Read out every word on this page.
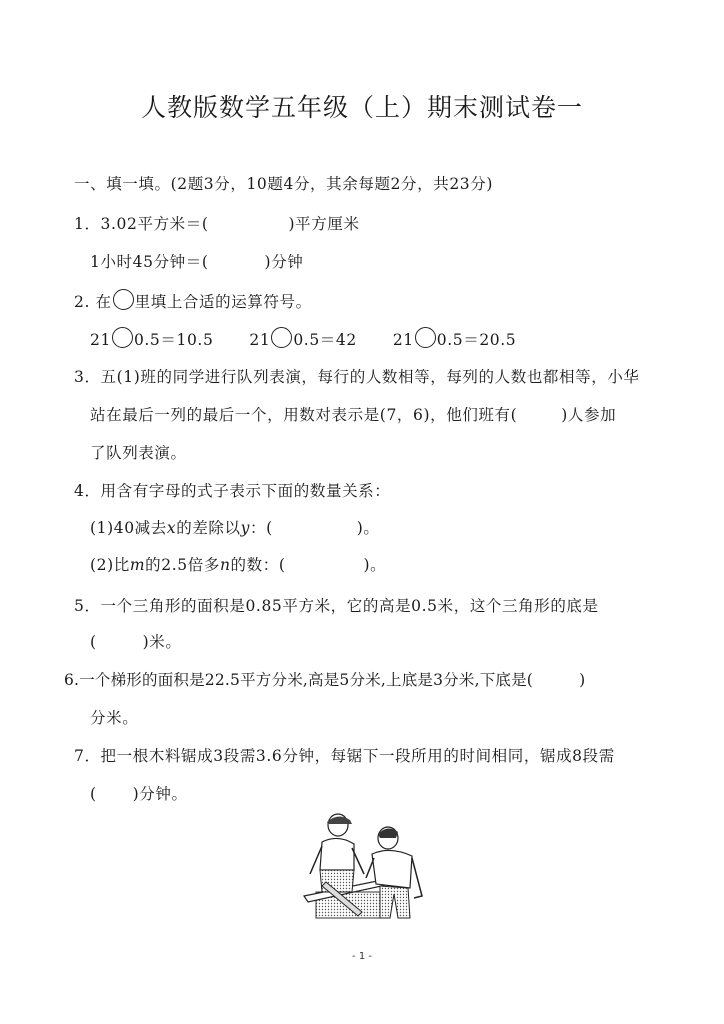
人教版数学五年级（上）期末测试卷一
一、填一填。(2题3分，10题4分，其余每题2分，共23分)
1．3.02平方米＝(	)平方厘米
1小时45分钟＝(	)分钟
2. 在 里填上合适的运算符号。
21 0.5＝10.5 21 0.5＝42 21 0.5＝20.5
3．五(1)班的同学进行队列表演，每行的人数相等，每列的人数也都相等，小华
站在最后一列的最后一个，用数对表示是(7，6)，他们班有(	)人参加
了队列表演。
4．用含有字母的式子表示下面的数量关系：
(1)40减去x的差除以y：(	)。
(2)比m的2.5倍多n的数：(	)。
5．一个三角形的面积是0.85平方米，它的高是0.5米，这个三角形的底是
(	)米。
6.一个梯形的面积是22.5平方分米,高是5分米,上底是3分米,下底是(	)
分米。
7．把一根木料锯成3段需3.6分钟，每锯下一段所用的时间相同，锯成8段需
( )分钟。
- 1 -
